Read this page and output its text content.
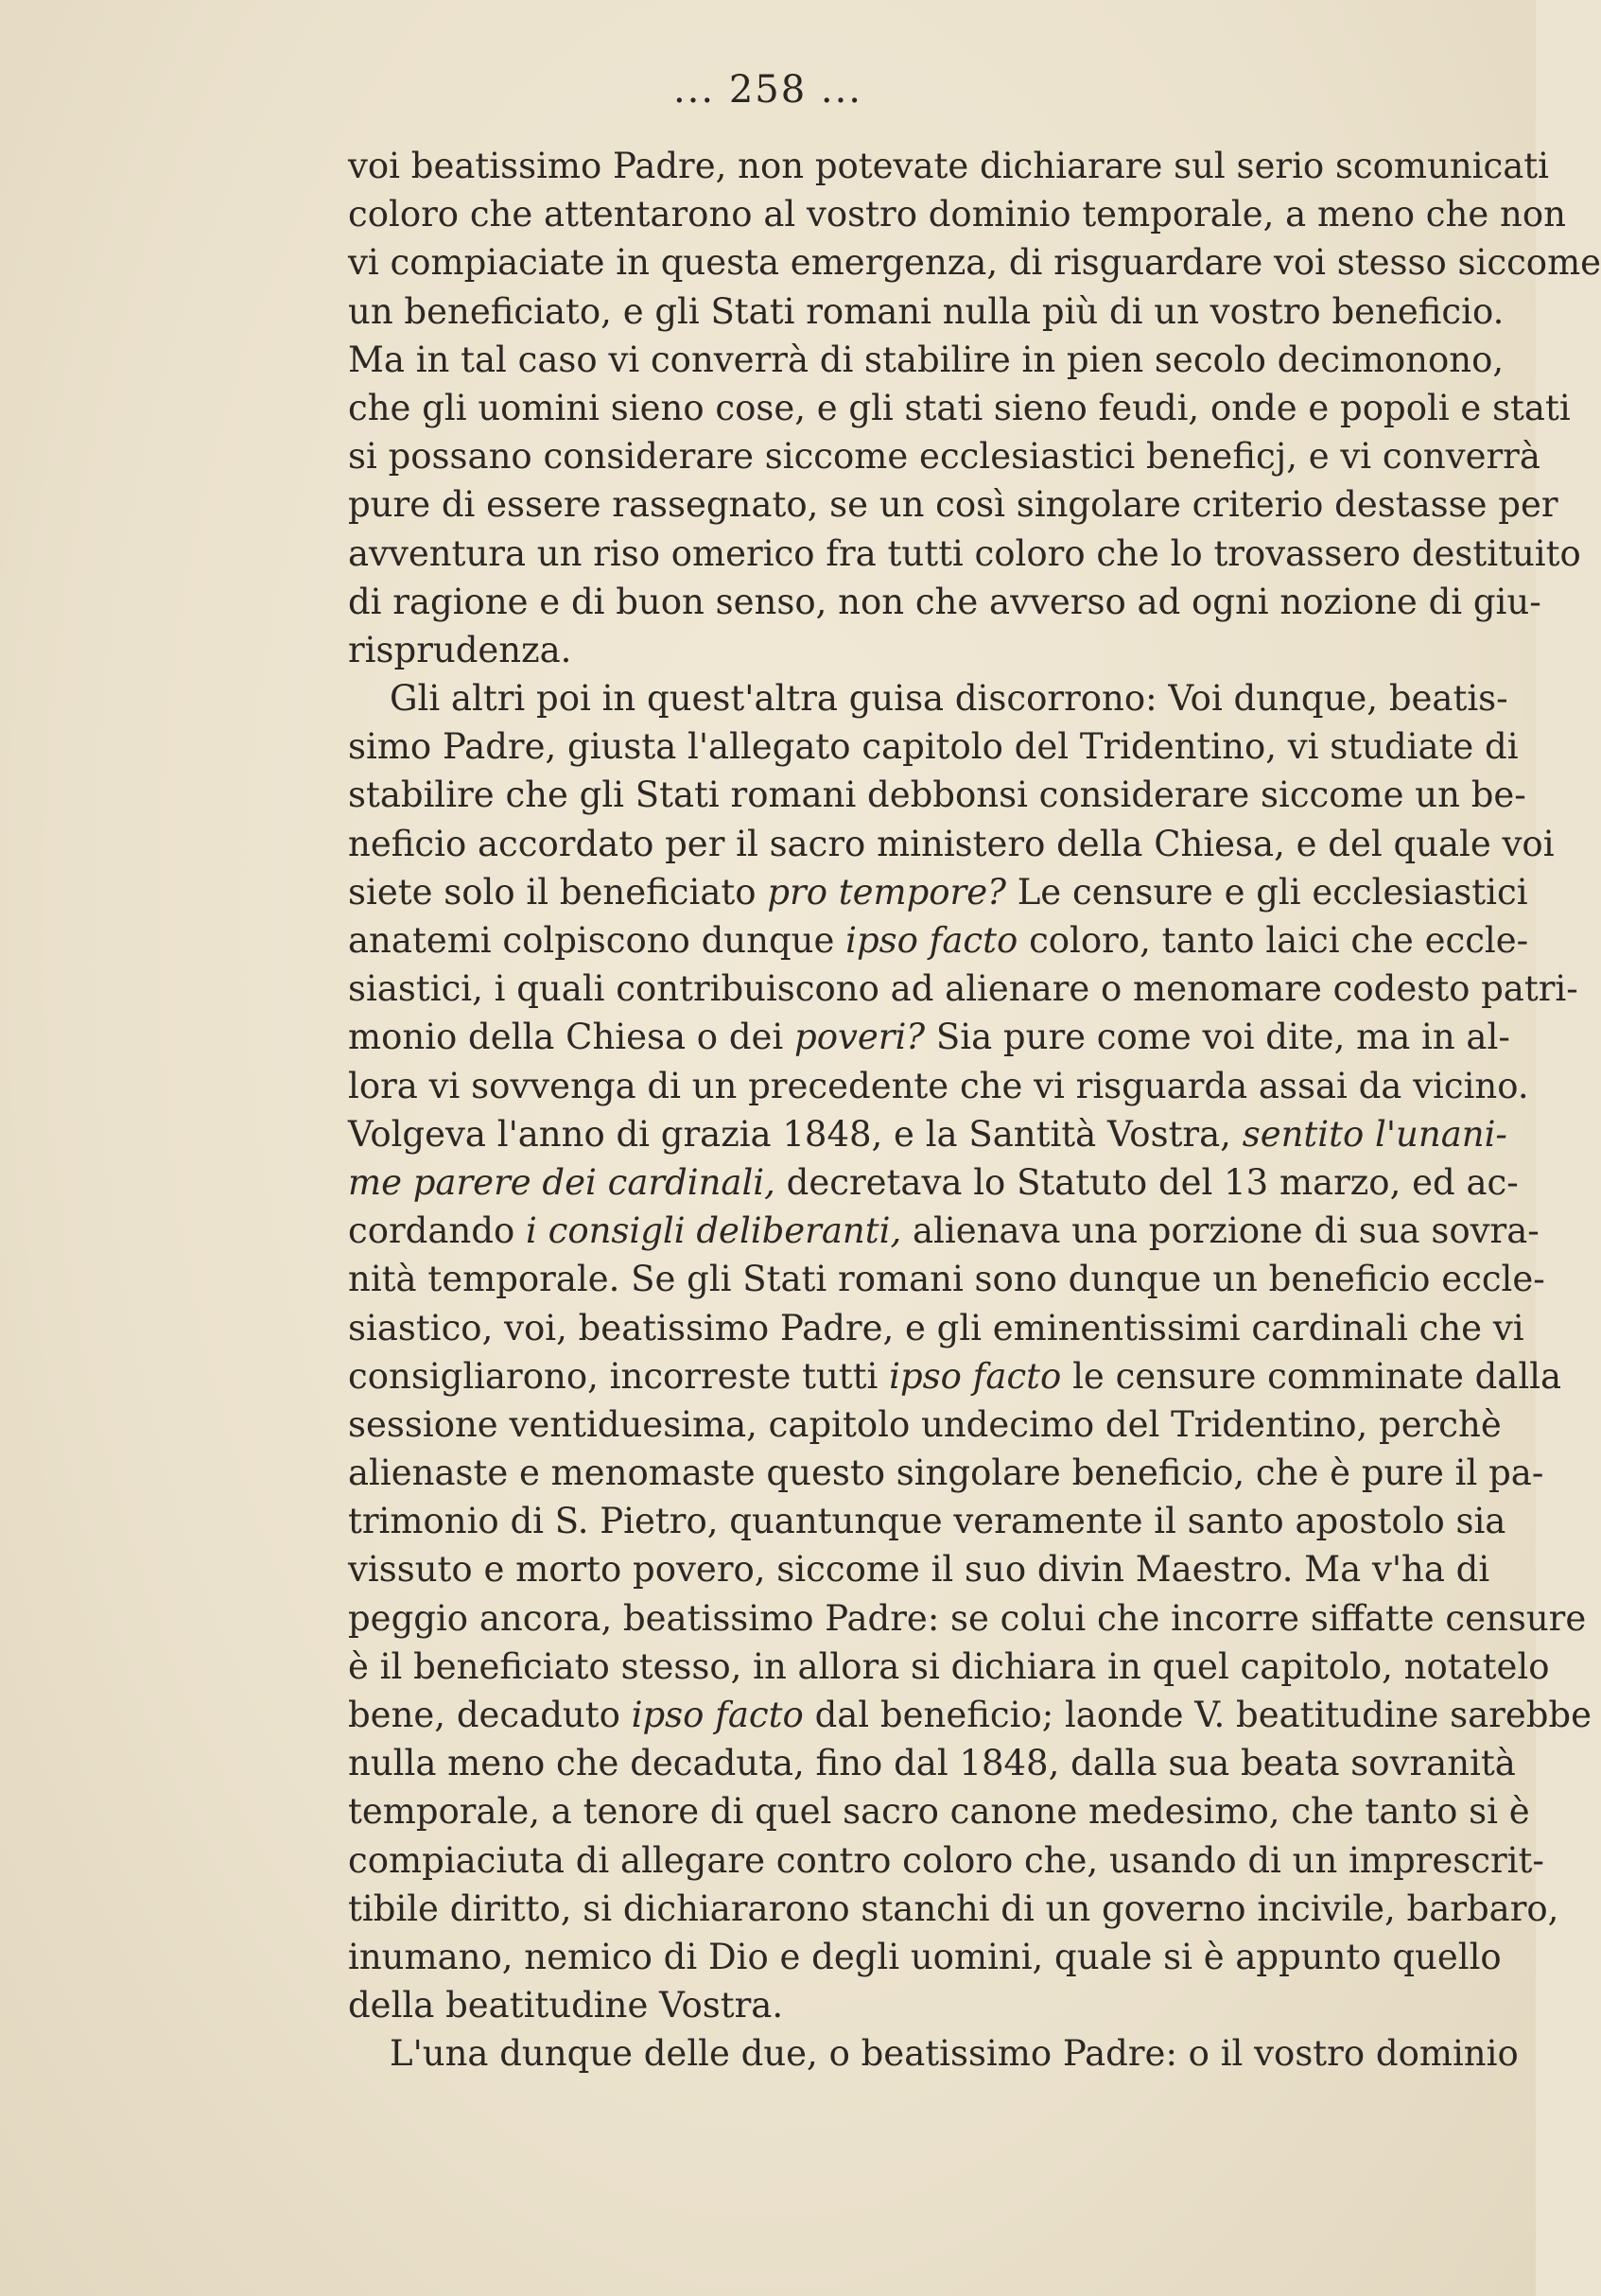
... 258 ...
voi beatissimo Padre, non potevate dichiarare sul serio scomunicati
coloro che attentarono al vostro dominio temporale, a meno che non
vi compiaciate in questa emergenza, di risguardare voi stesso siccome
un beneficiato, e gli Stati romani nulla più di un vostro beneficio.
Ma in tal caso vi converrà di stabilire in pien secolo decimonono,
che gli uomini sieno cose, e gli stati sieno feudi, onde e popoli e stati
si possano considerare siccome ecclesiastici beneficj, e vi converrà
pure di essere rassegnato, se un così singolare criterio destasse per
avventura un riso omerico fra tutti coloro che lo trovassero destituito
di ragione e di buon senso, non che avverso ad ogni nozione di giu-
risprudenza.
Gli altri poi in quest'altra guisa discorrono: Voi dunque, beatis-
simo Padre, giusta l'allegato capitolo del Tridentino, vi studiate di
stabilire che gli Stati romani debbonsi considerare siccome un be-
neficio accordato per il sacro ministero della Chiesa, e del quale voi
siete solo il beneficiato pro tempore? Le censure e gli ecclesiastici
anatemi colpiscono dunque ipso facto coloro, tanto laici che eccle-
siastici, i quali contribuiscono ad alienare o menomare codesto patri-
monio della Chiesa o dei poveri? Sia pure come voi dite, ma in al-
lora vi sovvenga di un precedente che vi risguarda assai da vicino.
Volgeva l'anno di grazia 1848, e la Santità Vostra, sentito l'unani-
me parere dei cardinali, decretava lo Statuto del 13 marzo, ed ac-
cordando i consigli deliberanti, alienava una porzione di sua sovra-
nità temporale. Se gli Stati romani sono dunque un beneficio eccle-
siastico, voi, beatissimo Padre, e gli eminentissimi cardinali che vi
consigliarono, incorreste tutti ipso facto le censure comminate dalla
sessione ventiduesima, capitolo undecimo del Tridentino, perchè
alienaste e menomaste questo singolare beneficio, che è pure il pa-
trimonio di S. Pietro, quantunque veramente il santo apostolo sia
vissuto e morto povero, siccome il suo divin Maestro. Ma v'ha di
peggio ancora, beatissimo Padre: se colui che incorre siffatte censure
è il beneficiato stesso, in allora si dichiara in quel capitolo, notatelo
bene, decaduto ipso facto dal beneficio; laonde V. beatitudine sarebbe
nulla meno che decaduta, fino dal 1848, dalla sua beata sovranità
temporale, a tenore di quel sacro canone medesimo, che tanto si è
compiaciuta di allegare contro coloro che, usando di un imprescrit-
tibile diritto, si dichiararono stanchi di un governo incivile, barbaro,
inumano, nemico di Dio e degli uomini, quale si è appunto quello
della beatitudine Vostra.
L'una dunque delle due, o beatissimo Padre: o il vostro dominio
